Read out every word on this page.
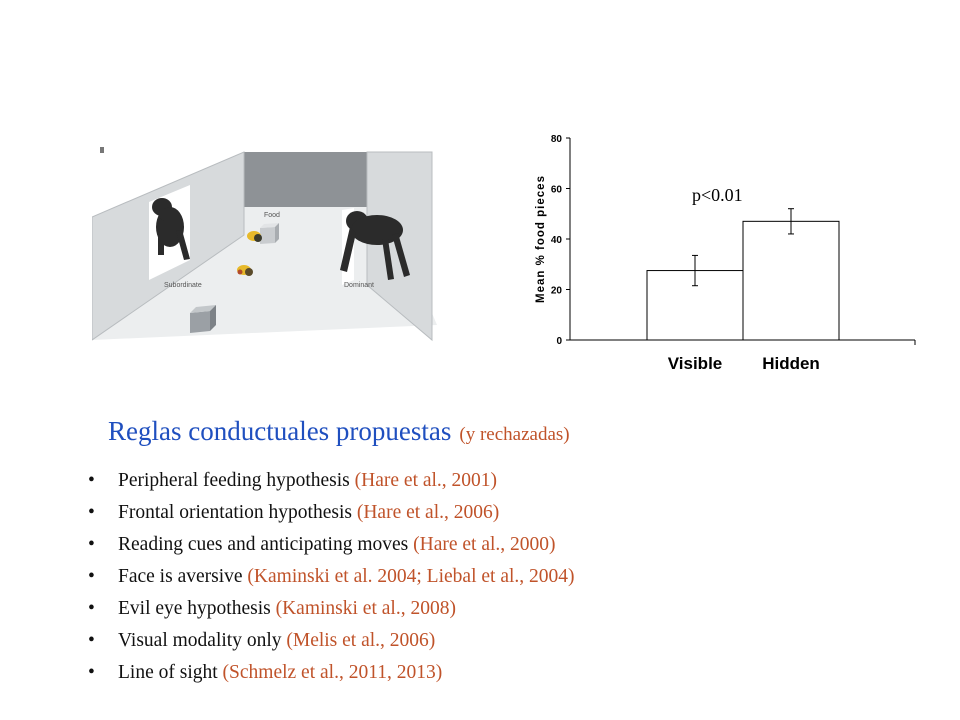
Food
Subordinate	Dominant
0
20
40
60
80
Visible Hidden
Mean % food pieces	p<0.01
Reglas conductuales propuestas (y rechazadas)
• Peripheral feeding hypothesis (Hare et al., 2001)
• Frontal orientation hypothesis (Hare et al., 2006)
• Reading cues and anticipating moves (Hare et al., 2000)
• Face is aversive (Kaminski et al. 2004; Liebal et al., 2004)
• Evil eye hypothesis (Kaminski et al., 2008)
• Visual modality only (Melis et al., 2006)
• Line of sight (Schmelz et al., 2011, 2013)
